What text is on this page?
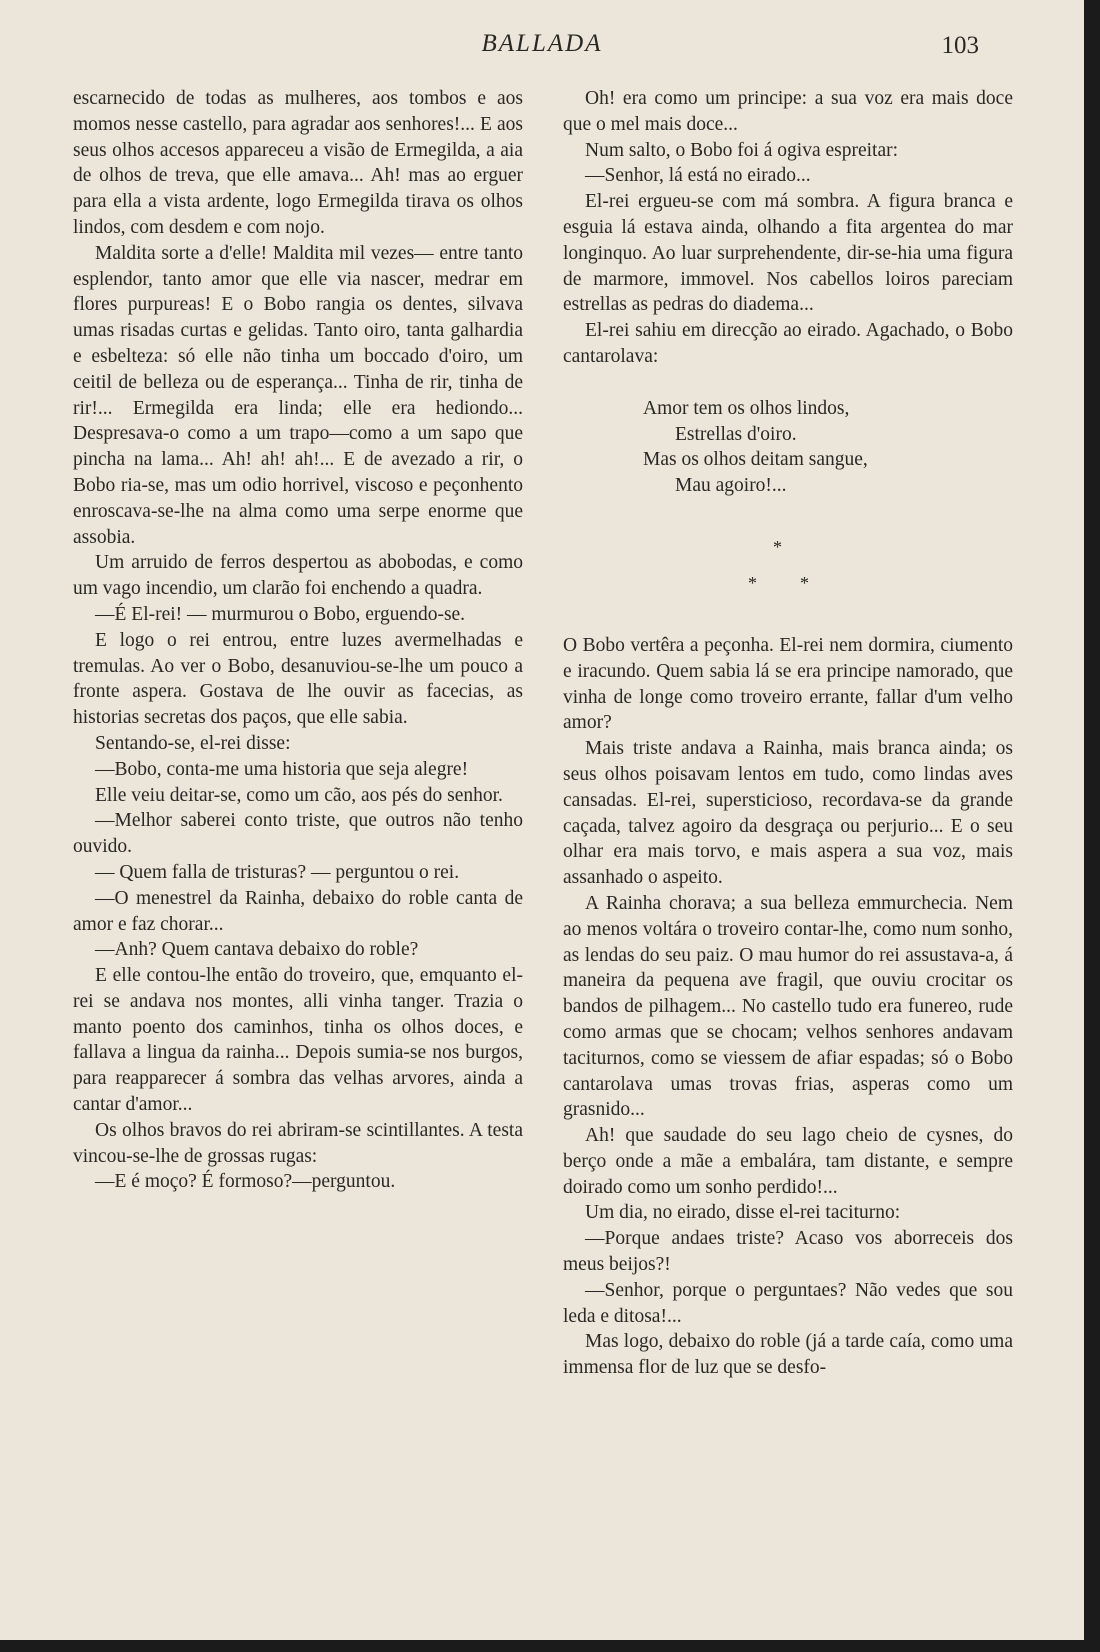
BALLADA	103

escarnecido de todas as mulheres, aos tombos e aos momos nesse castello, para agradar aos senhores!... E aos seus olhos accesos appareceu a visão de Ermegilda, a aia de olhos de treva, que elle amava... Ah! mas ao erguer para ella a vista ardente, logo Ermegilda tirava os olhos lindos, com desdem e com nojo.

Maldita sorte a d'elle! Maldita mil vezes— entre tanto esplendor, tanto amor que elle via nascer, medrar em flores purpureas! E o Bobo rangia os dentes, silvava umas risadas curtas e gelidas. Tanto oiro, tanta galhardia e esbelteza: só elle não tinha um boccado d'oiro, um ceitil de belleza ou de esperança... Tinha de rir, tinha de rir!... Ermegilda era linda; elle era hediondo... Despresava-o como a um trapo—como a um sapo que pincha na lama... Ah! ah! ah!... E de avezado a rir, o Bobo ria-se, mas um odio horrivel, viscoso e peçonhento enroscava-se-lhe na alma como uma serpe enorme que assobia.

Um arruido de ferros despertou as abobodas, e como um vago incendio, um clarão foi enchendo a quadra.

—É El-rei! — murmurou o Bobo, erguendo-se.

E logo o rei entrou, entre luzes avermelhadas e tremulas. Ao ver o Bobo, desanuviou-se-lhe um pouco a fronte aspera. Gostava de lhe ouvir as facecias, as historias secretas dos paços, que elle sabia.

Sentando-se, el-rei disse:

—Bobo, conta-me uma historia que seja alegre!

Elle veiu deitar-se, como um cão, aos pés do senhor.

—Melhor saberei conto triste, que outros não tenho ouvido.

— Quem falla de tristuras? — perguntou o rei.

—O menestrel da Rainha, debaixo do roble canta de amor e faz chorar...

—Anh? Quem cantava debaixo do roble?

E elle contou-lhe então do troveiro, que, emquanto el-rei se andava nos montes, alli vinha tanger. Trazia o manto poento dos caminhos, tinha os olhos doces, e fallava a lingua da rainha... Depois sumia-se nos burgos, para reapparecer á sombra das velhas arvores, ainda a cantar d'amor...

Os olhos bravos do rei abriram-se scintillantes. A testa vincou-se-lhe de grossas rugas:

—E é moço? É formoso?—perguntou.

Oh! era como um principe: a sua voz era mais doce que o mel mais doce...

Num salto, o Bobo foi á ogiva espreitar:

—Senhor, lá está no eirado...

El-rei ergueu-se com má sombra. A figura branca e esguia lá estava ainda, olhando a fita argentea do mar longinquo. Ao luar surprehendente, dir-se-hia uma figura de marmore, immovel. Nos cabellos loiros pareciam estrellas as pedras do diadema...

El-rei sahiu em direcção ao eirado. Agachado, o Bobo cantarolava:

Amor tem os olhos lindos,
Estrellas d'oiro.
Mas os olhos deitam sangue,
Mau agoiro!...
*
* *

O Bobo vertêra a peçonha. El-rei nem dormira, ciumento e iracundo. Quem sabia lá se era principe namorado, que vinha de longe como troveiro errante, fallar d'um velho amor?

Mais triste andava a Rainha, mais branca ainda; os seus olhos poisavam lentos em tudo, como lindas aves cansadas. El-rei, supersticioso, recordava-se da grande caçada, talvez agoiro da desgraça ou perjurio... E o seu olhar era mais torvo, e mais aspera a sua voz, mais assanhado o aspeito.

A Rainha chorava; a sua belleza emmurchecia. Nem ao menos voltára o troveiro contar-lhe, como num sonho, as lendas do seu paiz. O mau humor do rei assustava-a, á maneira da pequena ave fragil, que ouviu crocitar os bandos de pilhagem... No castello tudo era funereo, rude como armas que se chocam; velhos senhores andavam taciturnos, como se viessem de afiar espadas; só o Bobo cantarolava umas trovas frias, asperas como um grasnido...

Ah! que saudade do seu lago cheio de cysnes, do berço onde a mãe a embalára, tam distante, e sempre doirado como um sonho perdido!...

Um dia, no eirado, disse el-rei taciturno:

—Porque andaes triste? Acaso vos aborreceis dos meus beijos?!

—Senhor, porque o perguntaes? Não vedes que sou leda e ditosa!...

Mas logo, debaixo do roble (já a tarde caía, como uma immensa flor de luz que se desfo-
